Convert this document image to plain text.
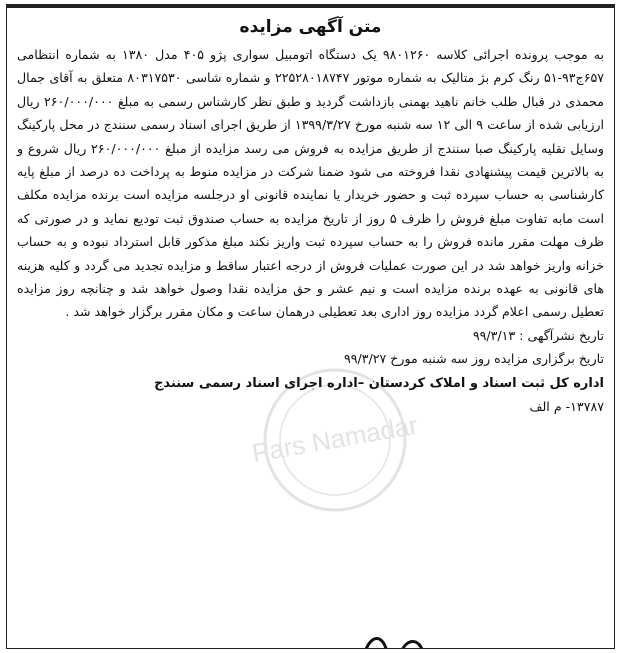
متن آگهی مزایده
به موجب پرونده اجرائی کلاسه ۹۸۰۱۲۶۰ یک دستگاه اتومبیل سواری پژو ۴۰۵ مدل ۱۳۸۰ به شماره انتظامی ۶۵۷ج۹۳-۵۱ رنگ کرم بژ متالیک به شماره موتور ۲۲۵۲۸۰۱۸۷۴۷ و شماره شاسی ۸۰۳۱۷۵۳۰ متعلق به آقای جمال محمدی در قبال طلب خانم ناهید بهمنی بازداشت گردید و طبق نظر کارشناس رسمی به مبلغ ۲۶۰/۰۰۰/۰۰۰ ریال ارزیابی شده از ساعت ۹ الی ۱۲ سه شنبه مورخ ۱۳۹۹/۳/۲۷ از طریق اجرای اسناد رسمی سنندج در محل پارکینگ وسایل نقلیه پارکینگ صبا سنندج از طریق مزایده به فروش می رسد مزایده از مبلغ ۲۶۰/۰۰۰/۰۰۰ ریال شروع و به بالاترین قیمت پیشنهادی نقدا فروخته می شود ضمنا شرکت در مزایده منوط به پرداخت ده درصد از مبلغ پایه کارشناسی به حساب سپرده ثبت و حضور خریدار یا نماینده قانونی او درجلسه مزایده است برنده مزایده مکلف است مابه تفاوت مبلغ فروش را ظرف ۵ روز از تاریخ مزایده به حساب صندوق ثبت تودیع نماید و در صورتی که ظرف مهلت مقرر مانده فروش را به حساب سپرده ثبت واریز نکند مبلغ مذکور قابل استرداد نبوده و به حساب خزانه واریز خواهد شد در این صورت عملیات فروش از درجه اعتبار ساقط و مزایده تجدید می گردد و کلیه هزینه های قانونی به عهده برنده مزایده است و نیم عشر و حق مزایده نقدا وصول خواهد شد و چنانچه روز مزایده تعطیل رسمی اعلام گردد مزایده روز اداری بعد تعطیلی درهمان ساعت و مکان مقرر برگزار خواهد شد .
تاریخ نشرآگهی : ۹۹/۳/۱۳
تاریخ برگزاری مزایده روز سه شنبه مورخ ۹۹/۳/۲۷
اداره کل ثبت اسناد و املاک کردستان –اداره اجرای اسناد رسمی سنندج
۱۳۷۸۷- م الف
Pars Namadar
